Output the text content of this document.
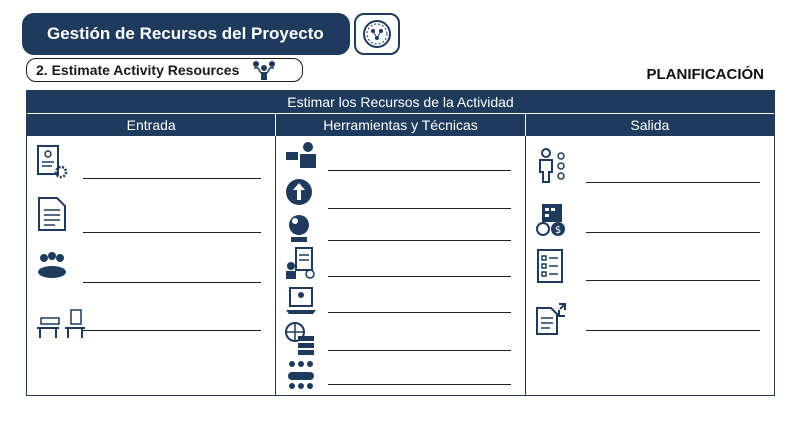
Gestión de Recursos del Proyecto
2. Estimate Activity Resources	PLANIFICACIÓN
Estimar los Recursos de la Actividad
Entrada	Herramientas y Técnicas	Salida
$
